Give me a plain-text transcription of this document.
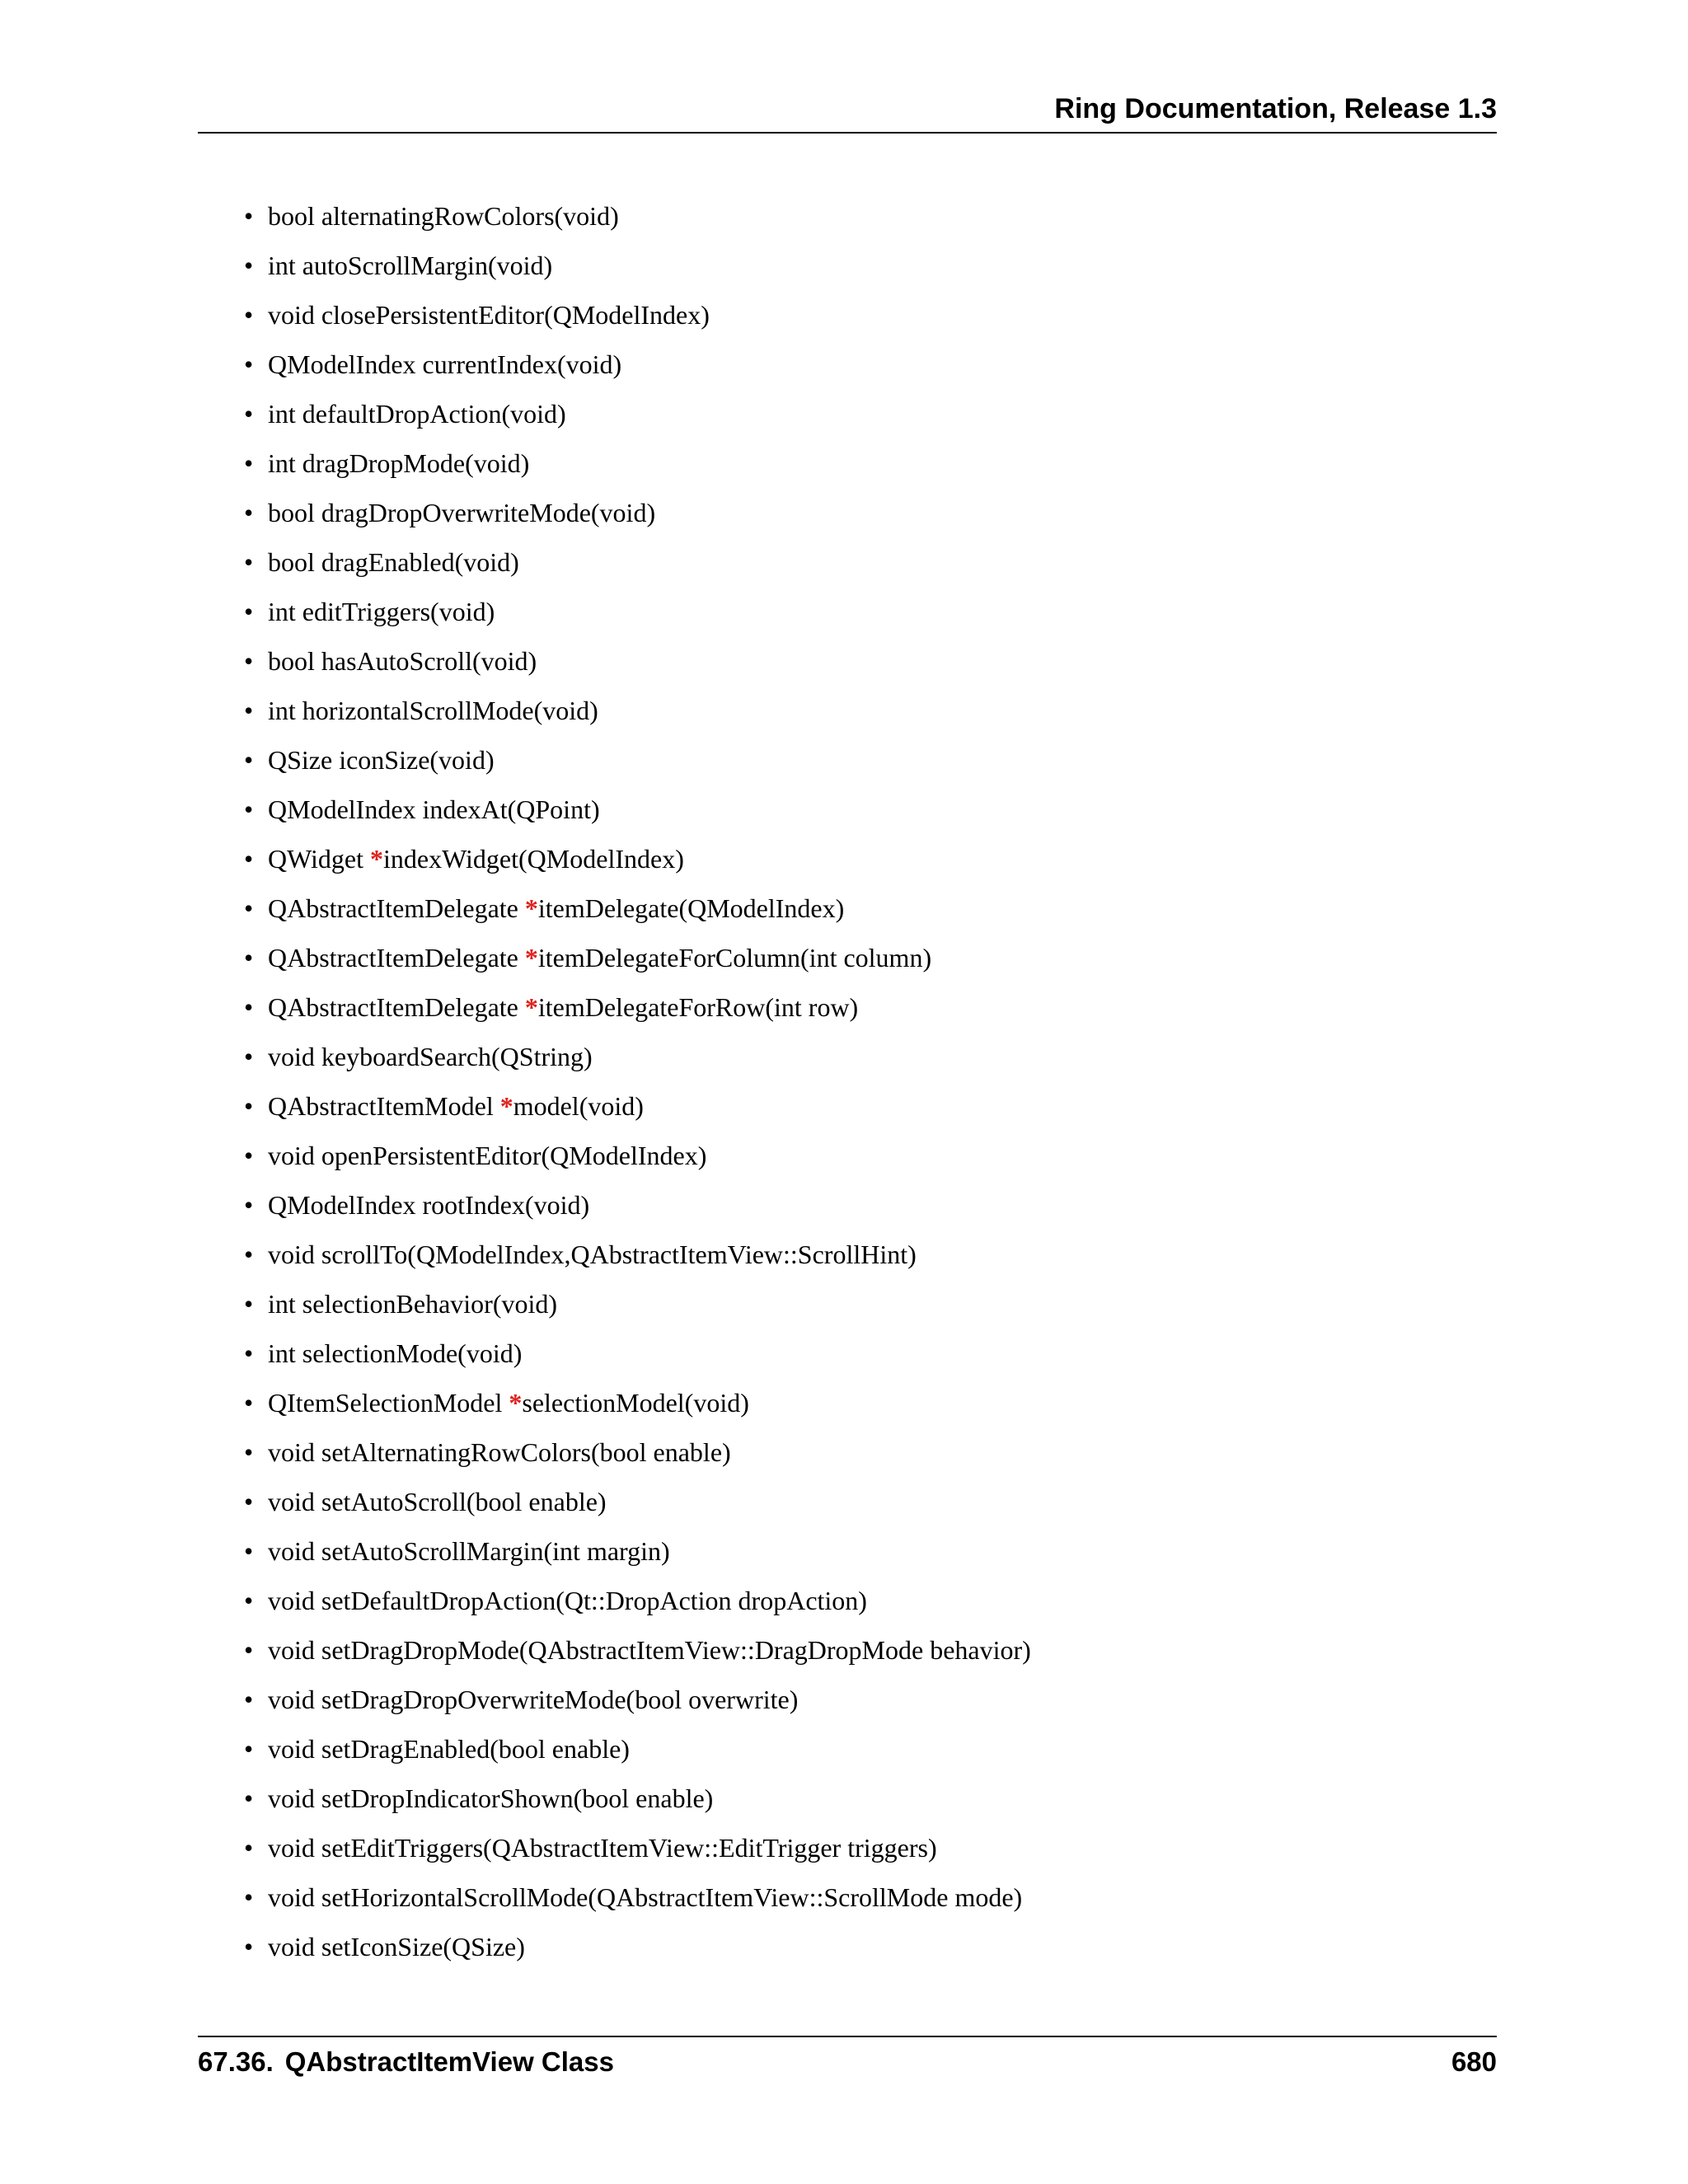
Ring Documentation, Release 1.3
• bool alternatingRowColors(void)
• int autoScrollMargin(void)
• void closePersistentEditor(QModelIndex)
• QModelIndex currentIndex(void)
• int defaultDropAction(void)
• int dragDropMode(void)
• bool dragDropOverwriteMode(void)
• bool dragEnabled(void)
• int editTriggers(void)
• bool hasAutoScroll(void)
• int horizontalScrollMode(void)
• QSize iconSize(void)
• QModelIndex indexAt(QPoint)
• QWidget *indexWidget(QModelIndex)
• QAbstractItemDelegate *itemDelegate(QModelIndex)
• QAbstractItemDelegate *itemDelegateForColumn(int column)
• QAbstractItemDelegate *itemDelegateForRow(int row)
• void keyboardSearch(QString)
• QAbstractItemModel *model(void)
• void openPersistentEditor(QModelIndex)
• QModelIndex rootIndex(void)
• void scrollTo(QModelIndex,QAbstractItemView::ScrollHint)
• int selectionBehavior(void)
• int selectionMode(void)
• QItemSelectionModel *selectionModel(void)
• void setAlternatingRowColors(bool enable)
• void setAutoScroll(bool enable)
• void setAutoScrollMargin(int margin)
• void setDefaultDropAction(Qt::DropAction dropAction)
• void setDragDropMode(QAbstractItemView::DragDropMode behavior)
• void setDragDropOverwriteMode(bool overwrite)
• void setDragEnabled(bool enable)
• void setDropIndicatorShown(bool enable)
• void setEditTriggers(QAbstractItemView::EditTrigger triggers)
• void setHorizontalScrollMode(QAbstractItemView::ScrollMode mode)
• void setIconSize(QSize)
67.36. QAbstractItemView Class	680
